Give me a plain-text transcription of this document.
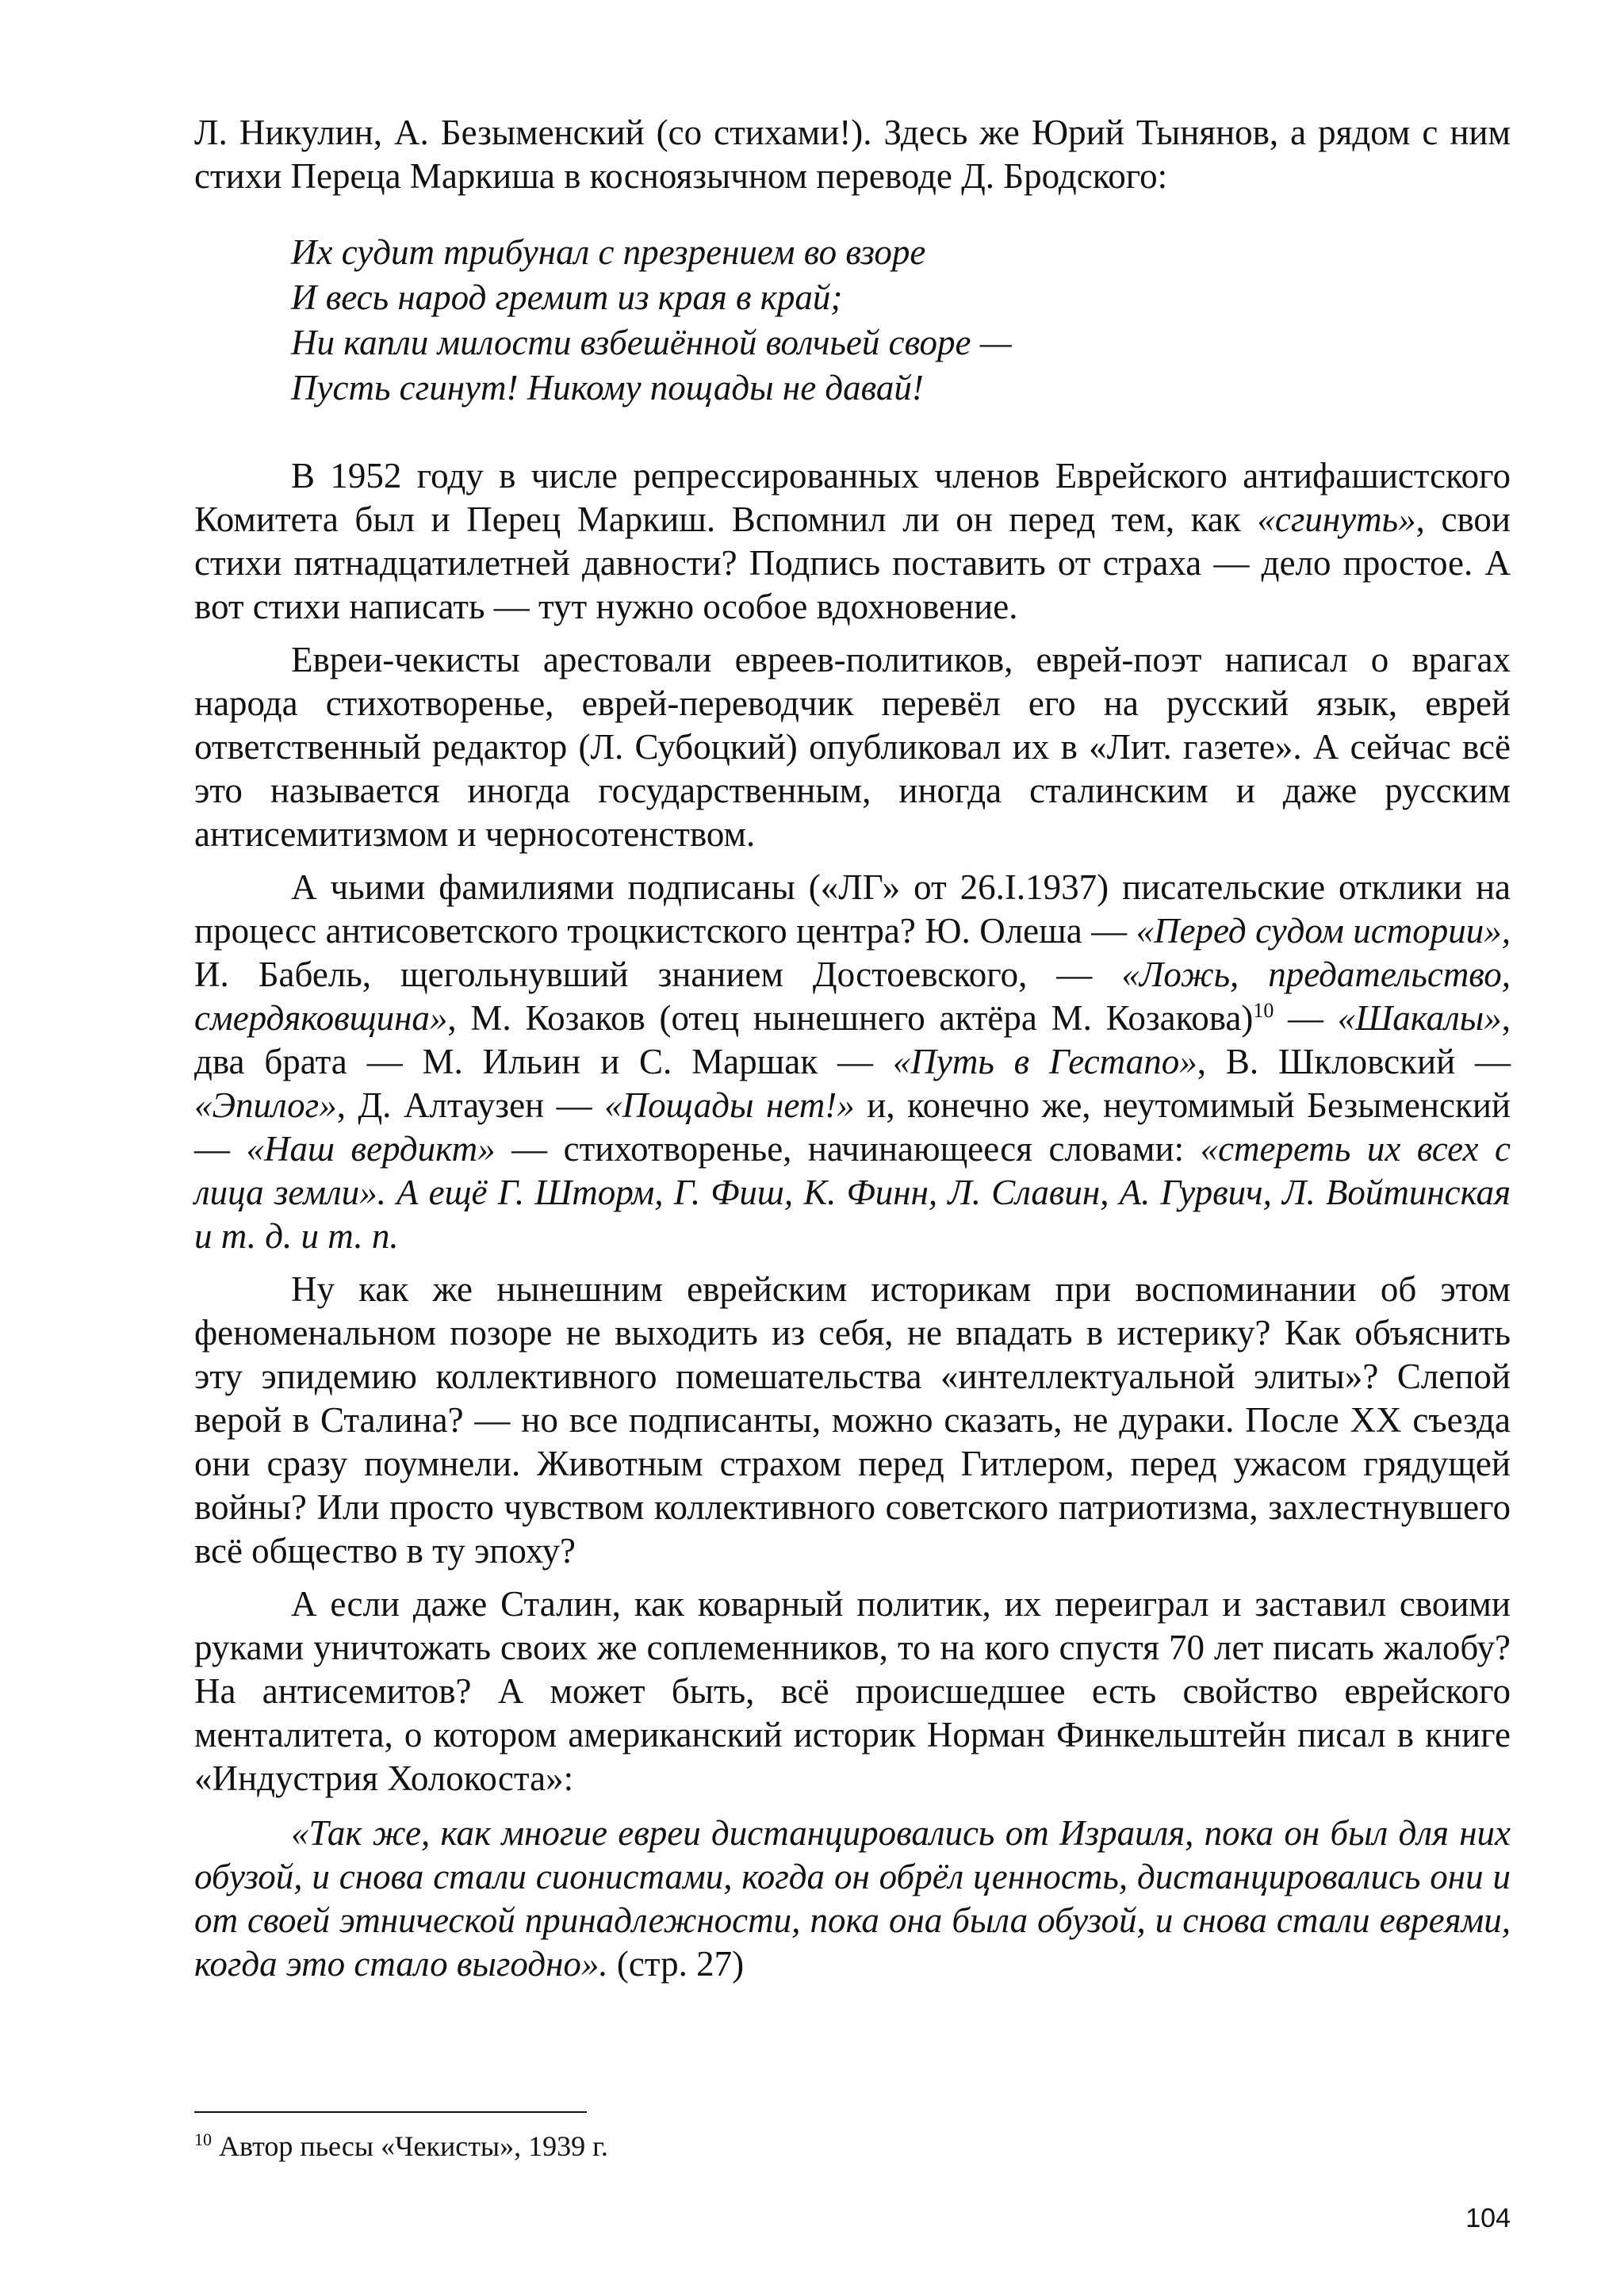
Л. Никулин, А. Безыменский (со стихами!). Здесь же Юрий Тынянов, а рядом с ним стихи Переца Маркиша в косноязычном переводе Д. Бродского:

Их судит трибунал с презрением во взоре
И весь народ гремит из края в край;
Ни капли милости взбешённой волчьей своре —
Пусть сгинут! Никому пощады не давай!

В 1952 году в числе репрессированных членов Еврейского антифашистского Комитета был и Перец Маркиш. Вспомнил ли он перед тем, как «сгинуть», свои стихи пятнадцатилетней давности? Подпись поставить от страха — дело простое. А вот стихи написать — тут нужно особое вдохновение.

Евреи-чекисты арестовали евреев-политиков, еврей-поэт написал о врагах народа стихотворенье, еврей-переводчик перевёл его на русский язык, еврей ответственный редактор (Л. Субоцкий) опубликовал их в «Лит. газете». А сейчас всё это называется иногда государственным, иногда сталинским и даже русским антисемитизмом и черносотенством.

А чьими фамилиями подписаны («ЛГ» от 26.I.1937) писательские отклики на процесс антисоветского троцкистского центра? Ю. Олеша — «Перед судом истории», И. Бабель, щегольнувший знанием Достоевского, — «Ложь, предательство, смердяковщина», М. Козаков (отец нынешнего актёра М. Козакова)$^{10}$ — «Шакалы», два брата — М. Ильин и С. Маршак — «Путь в Гестапо», В. Шкловский — «Эпилог», Д. Алтаузен — «Пощады нет!» и, конечно же, неутомимый Безыменский — «Наш вердикт» — стихотворенье, начинающееся словами: «стереть их всех с лица земли». А ещё Г. Шторм, Г. Фиш, К. Финн, Л. Славин, А. Гурвич, Л. Войтинская и т. д. и т. п.

Ну как же нынешним еврейским историкам при воспоминании об этом феноменальном позоре не выходить из себя, не впадать в истерику? Как объяснить эту эпидемию коллективного помешательства «интеллектуальной элиты»? Слепой верой в Сталина? — но все подписанты, можно сказать, не дураки. После XX съезда они сразу поумнели. Животным страхом перед Гитлером, перед ужасом грядущей войны? Или просто чувством коллективного советского патриотизма, захлестнувшего всё общество в ту эпоху?

А если даже Сталин, как коварный политик, их переиграл и заставил своими руками уничтожать своих же соплеменников, то на кого спустя 70 лет писать жалобу? На антисемитов? А может быть, всё происшедшее есть свойство еврейского менталитета, о котором американский историк Норман Финкельштейн писал в книге «Индустрия Холокоста»:

«Так же, как многие евреи дистанцировались от Израиля, пока он был для них обузой, и снова стали сионистами, когда он обрёл ценность, дистанцировались они и от своей этнической принадлежности, пока она была обузой, и снова стали евреями, когда это стало выгодно». (стр. 27)

$^{10}$ Автор пьесы «Чекисты», 1939 г.
104
